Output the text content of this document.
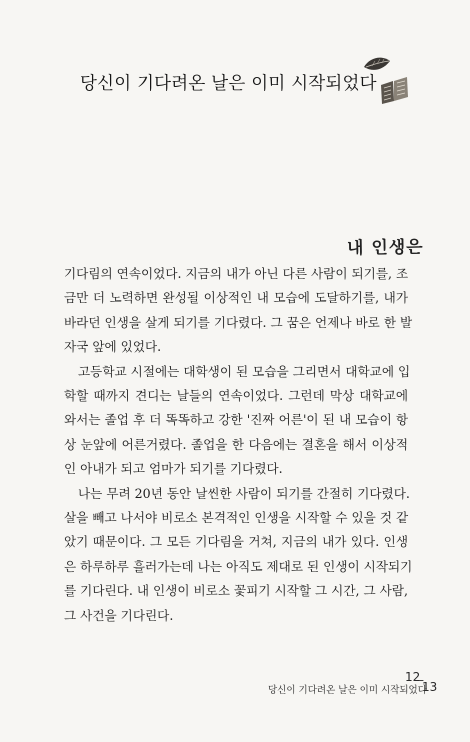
당신이 기다려온 날은 이미 시작되었다
내 인생은

기다림의 연속이었다. 지금의 내가 아닌 다른 사람이 되기를, 조
금만 더 노력하면 완성될 이상적인 내 모습에 도달하기를, 내가
바라던 인생을 살게 되기를 기다렸다. 그 꿈은 언제나 바로 한 발
자국 앞에 있었다.

고등학교 시절에는 대학생이 된 모습을 그리면서 대학교에 입
학할 때까지 견디는 날들의 연속이었다. 그런데 막상 대학교에
와서는 졸업 후 더 똑똑하고 강한 '진짜 어른'이 된 내 모습이 항
상 눈앞에 어른거렸다. 졸업을 한 다음에는 결혼을 해서 이상적
인 아내가 되고 엄마가 되기를 기다렸다.

나는 무려 20년 동안 날씬한 사람이 되기를 간절히 기다렸다.
살을 빼고 나서야 비로소 본격적인 인생을 시작할 수 있을 것 같
았기 때문이다. 그 모든 기다림을 거쳐, 지금의 내가 있다. 인생
은 하루하루 흘러가는데 나는 아직도 제대로 된 인생이 시작되기
를 기다린다. 내 인생이 비로소 꽃피기 시작할 그 시간, 그 사람,
그 사건을 기다린다.

당신이 기다려온 날은 이미 시작되었다
12
–
13
